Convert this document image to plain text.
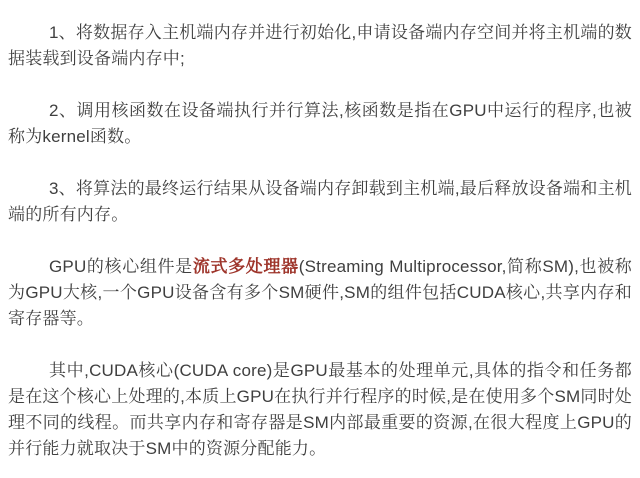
1、将数据存入主机端内存并进行初始化,申请设备端内存空间并将主机端的数据装载到设备端内存中;

2、调用核函数在设备端执行并行算法,核函数是指在GPU中运行的程序,也被称为kernel函数。

3、将算法的最终运行结果从设备端内存卸载到主机端,最后释放设备端和主机端的所有内存。

GPU的核心组件是流式多处理器(Streaming Multiprocessor,简称SM),也被称为GPU大核,一个GPU设备含有多个SM硬件,SM的组件包括CUDA核心,共享内存和寄存器等。

其中,CUDA核心(CUDA core)是GPU最基本的处理单元,具体的指令和任务都是在这个核心上处理的,本质上GPU在执行并行程序的时候,是在使用多个SM同时处理不同的线程。而共享内存和寄存器是SM内部最重要的资源,在很大程度上GPU的并行能力就取决于SM中的资源分配能力。
